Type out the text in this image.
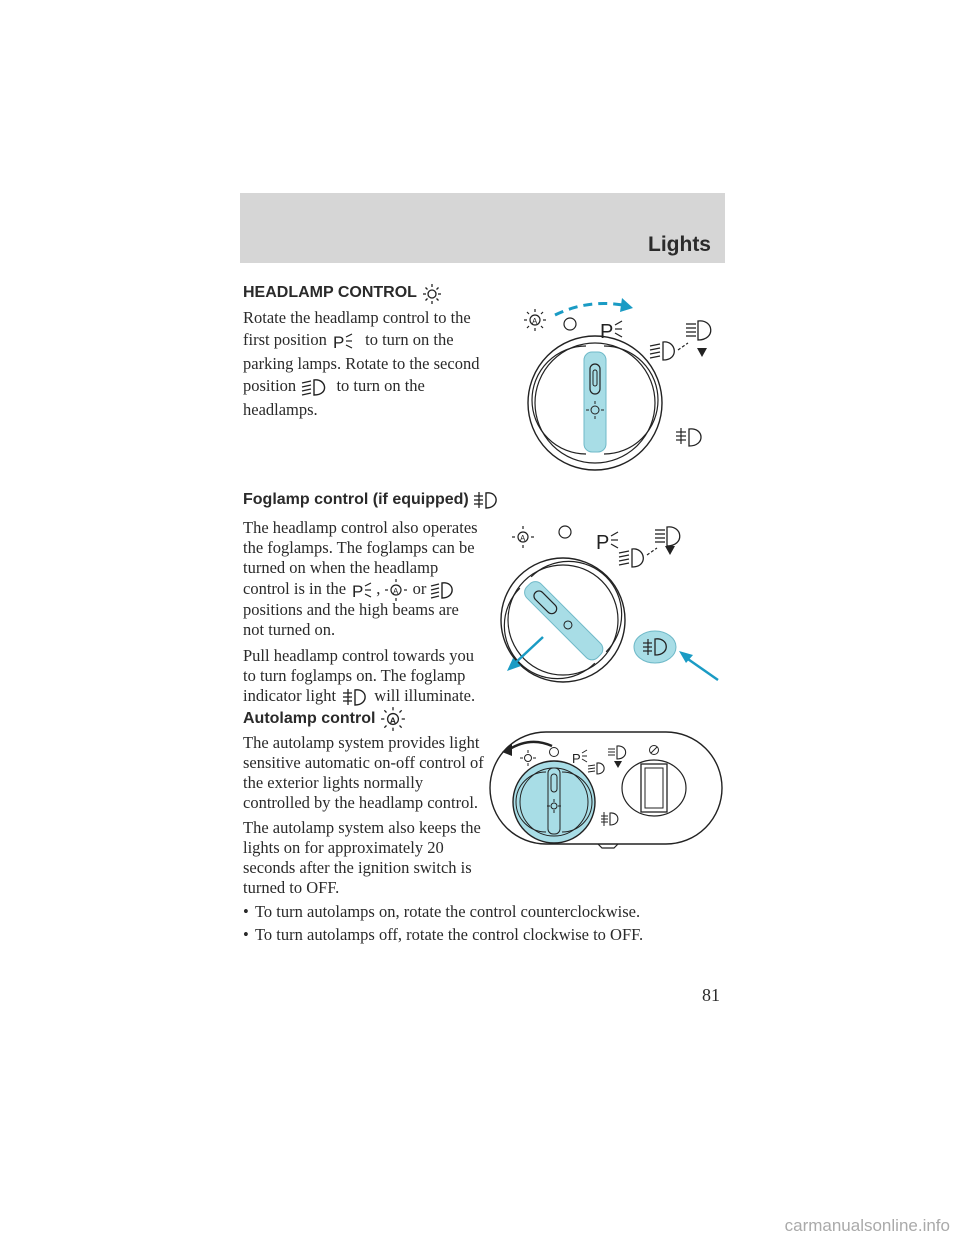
Lights
HEADLAMP CONTROL
Rotate the headlamp control to the
first position P to turn on the
parking lamps. Rotate to the second
position to turn on the
headlamps.
A	P
Foglamp control (if equipped)
The headlamp control also operates
the foglamps. The foglamps can be
turned on when the headlamp
control is in the P , A or
positions and the high beams are
not turned on.
Pull headlamp control towards you
to turn foglamps on. The foglamp
indicator light will illuminate.
A	P
Autolamp control A
The autolamp system provides light
sensitive automatic on-off control of
the exterior lights normally
controlled by the headlamp control.
The autolamp system also keeps the
lights on for approximately 20
seconds after the ignition switch is
turned to OFF.
• To turn autolamps on, rotate the control counterclockwise.
• To turn autolamps off, rotate the control clockwise to OFF.
P
81
carmanualsonline.info
